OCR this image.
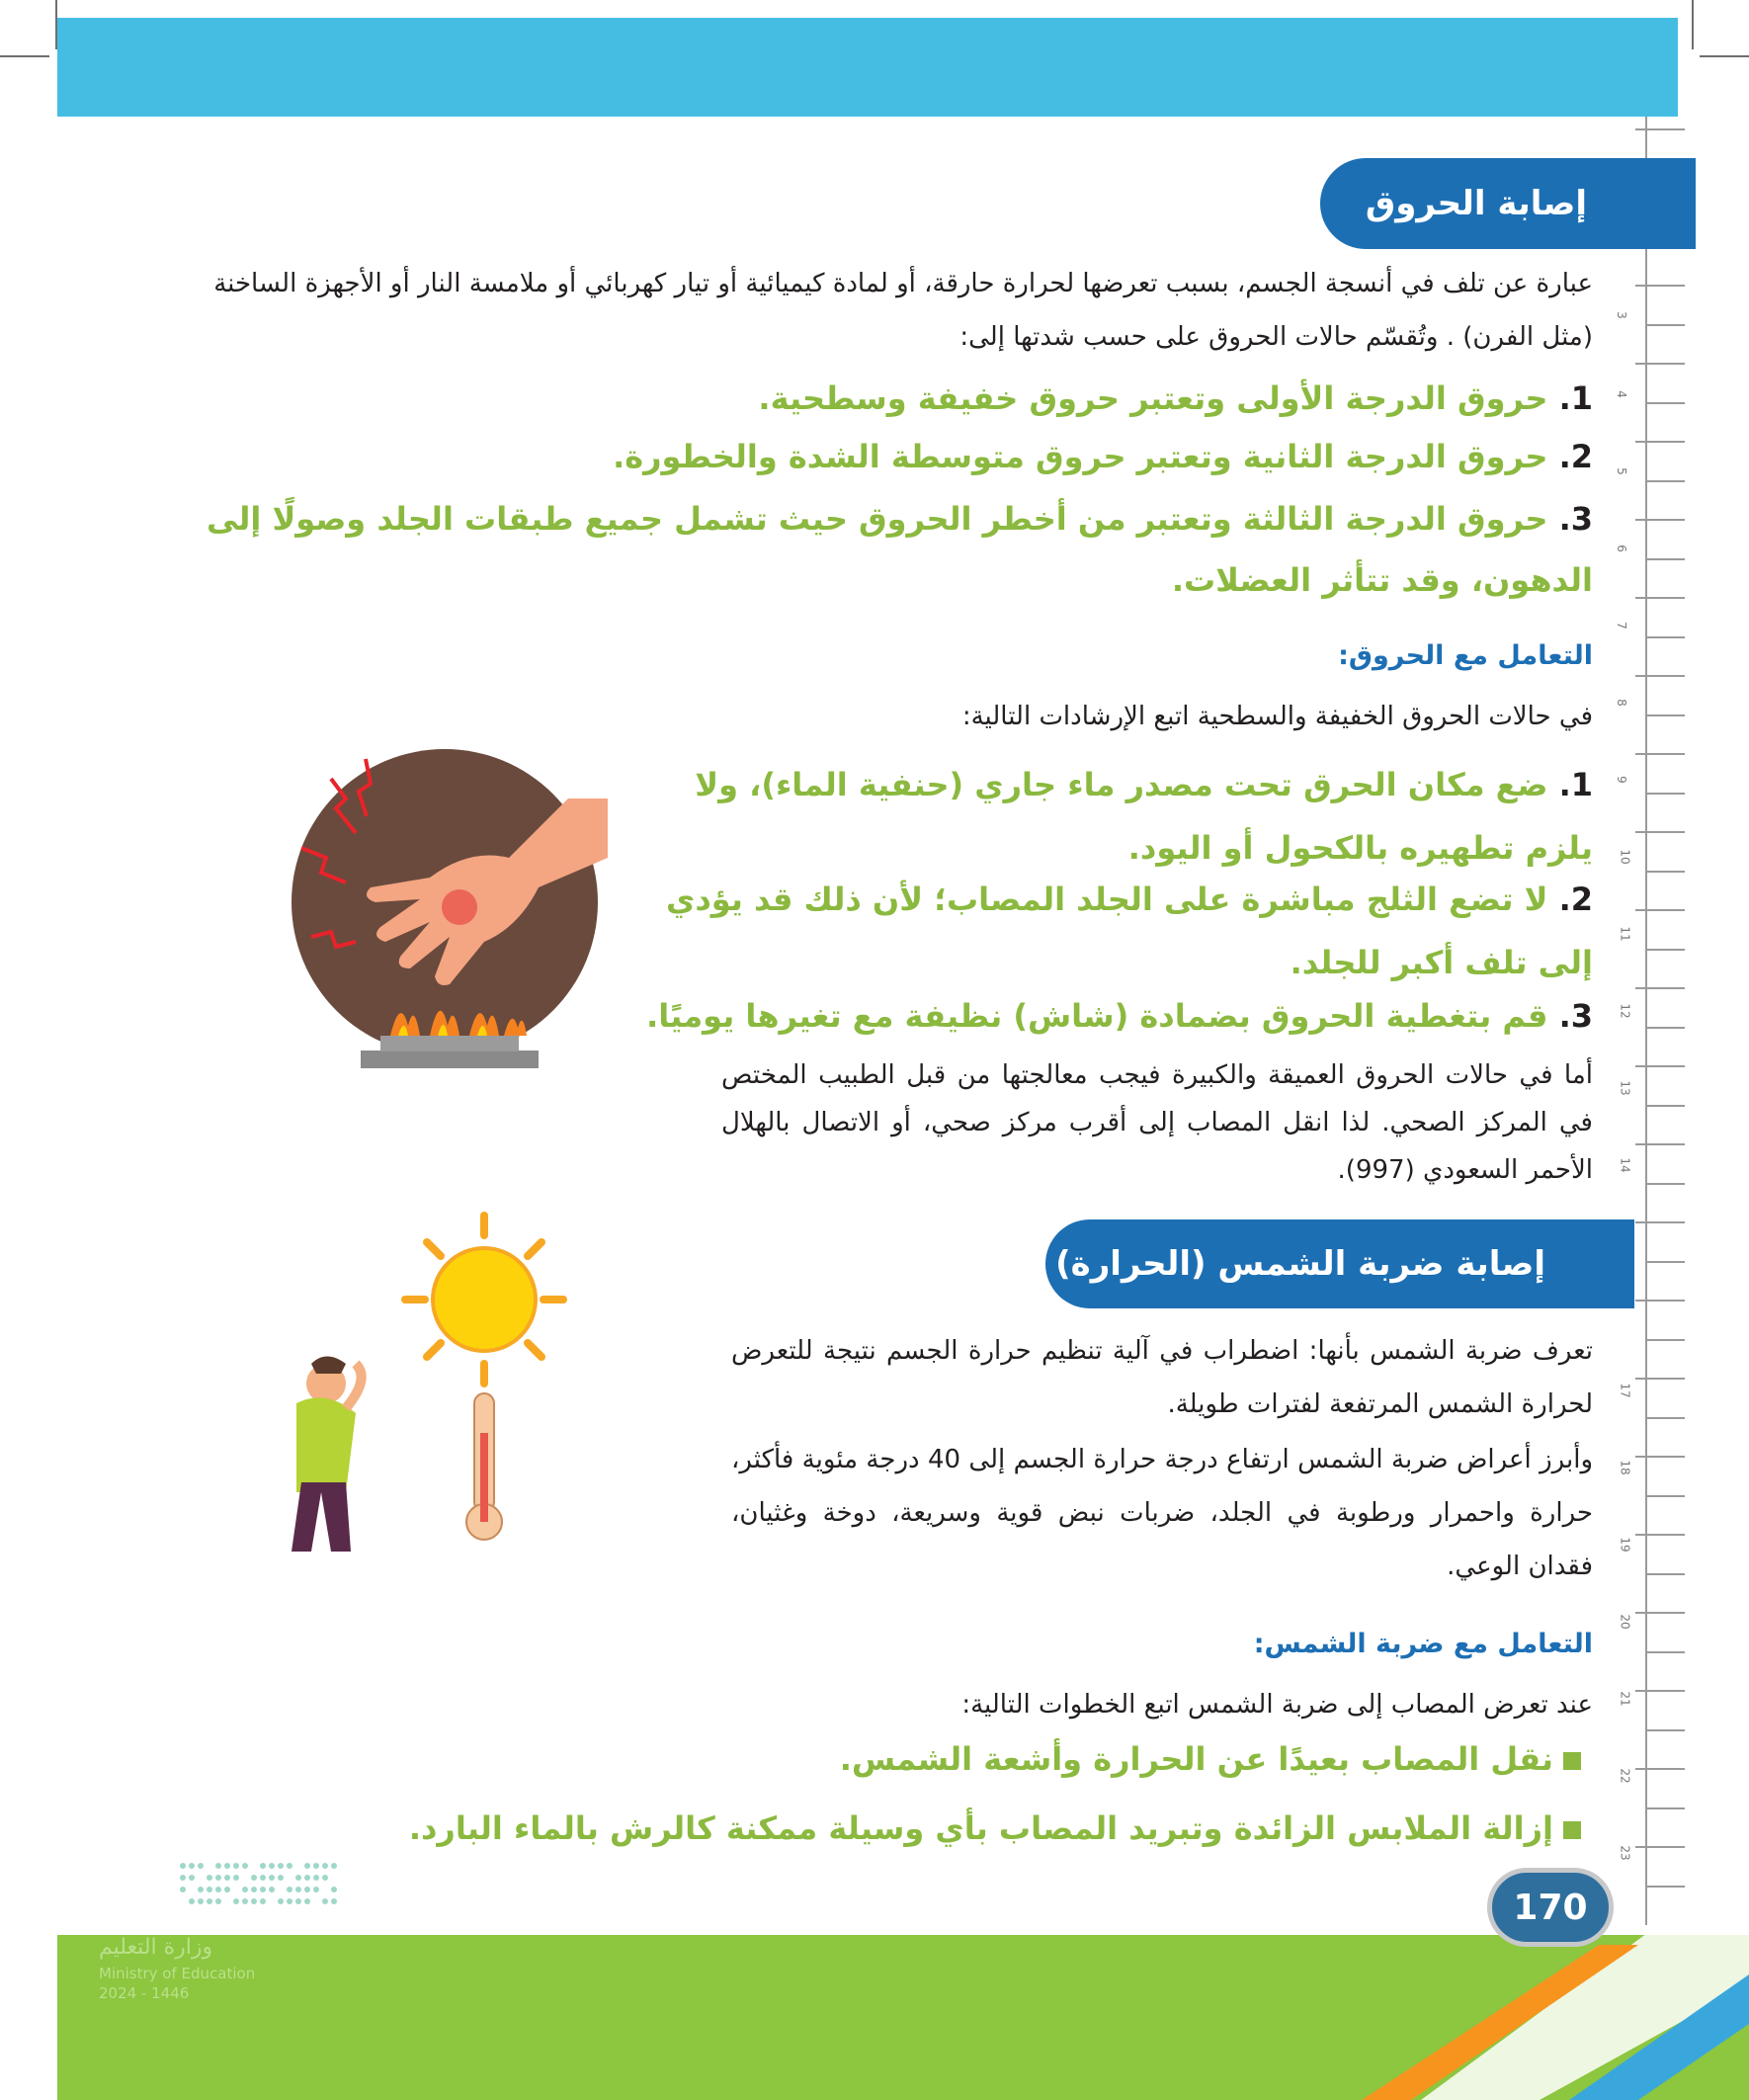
3
4
5
6
7
8
9
10
11
12
13
14
17
18
19
20
21
22
23
إصابة الحروق
عبارة عن تلف في أنسجة الجسم، بسبب تعرضها لحرارة حارقة، أو لمادة كيميائية أو تيار كهربائي أو ملامسة النار أو الأجهزة الساخنة
(مثل الفرن) . وتُقسّم حالات الحروق على حسب شدتها إلى:
1. حروق الدرجة الأولى وتعتبر حروق خفيفة وسطحية.
2. حروق الدرجة الثانية وتعتبر حروق متوسطة الشدة والخطورة.
3. حروق الدرجة الثالثة وتعتبر من أخطر الحروق حيث تشمل جميع طبقات الجلد وصولًا إلى الدهون، وقد تتأثر العضلات.
التعامل مع الحروق:
في حالات الحروق الخفيفة والسطحية اتبع الإرشادات التالية:
1. ضع مكان الحرق تحت مصدر ماء جاري (حنفية الماء)، ولا يلزم تطهيره بالكحول أو اليود.
2. لا تضع الثلج مباشرة على الجلد المصاب؛ لأن ذلك قد يؤدي إلى تلف أكبر للجلد.
3. قم بتغطية الحروق بضمادة (شاش) نظيفة مع تغيرها يوميًا.
أما في حالات الحروق العميقة والكبيرة فيجب معالجتها من قبل الطبيب المختص في المركز الصحي. لذا انقل المصاب إلى أقرب مركز صحي، أو الاتصال بالهلال الأحمر السعودي (997).
إصابة ضربة الشمس (الحرارة)
تعرف ضربة الشمس بأنها: اضطراب في آلية تنظيم حرارة الجسم نتيجة للتعرض لحرارة الشمس المرتفعة لفترات طويلة.
وأبرز أعراض ضربة الشمس ارتفاع درجة حرارة الجسم إلى 40 درجة مئوية فأكثر، حرارة واحمرار ورطوبة في الجلد، ضربات نبض قوية وسريعة، دوخة وغثيان، فقدان الوعي.
التعامل مع ضربة الشمس:
عند تعرض المصاب إلى ضربة الشمس اتبع الخطوات التالية:
نقل المصاب بعيدًا عن الحرارة وأشعة الشمس.
إزالة الملابس الزائدة وتبريد المصاب بأي وسيلة ممكنة كالرش بالماء البارد.
وزارة التعليم
Ministry of Education
2024 - 1446
170
